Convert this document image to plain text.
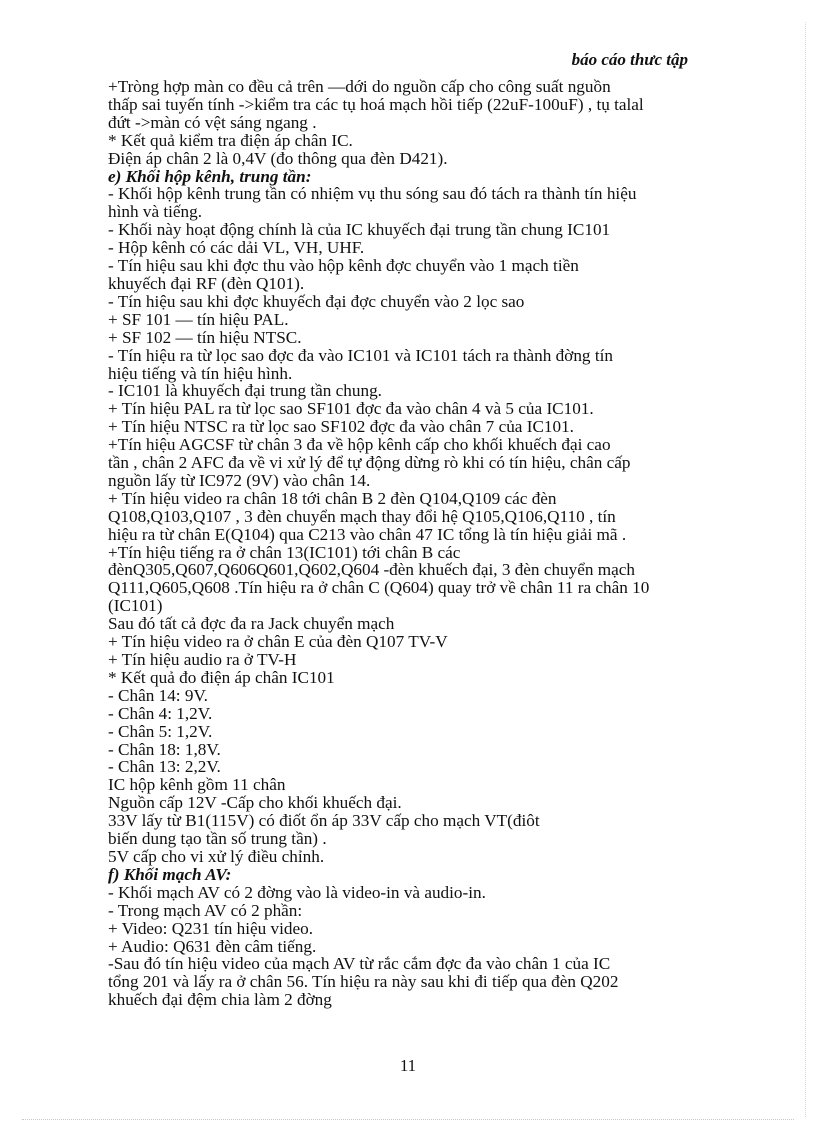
báo cáo thưc tập
+Tròng hợp màn co đều cả trên —dới do nguồn cấp cho công suất nguồn
thấp sai tuyến tính ->kiểm tra các tụ hoá mạch hồi tiếp (22uF-100uF) , tụ talal
đứt ->màn có vệt sáng ngang .
* Kết quả kiểm tra điện áp chân IC.
Điện áp chân 2 là 0,4V (đo thông qua đèn D421).
e) Khối hộp kênh, trung tần:
- Khối hộp kênh trung tần có nhiệm vụ thu sóng sau đó tách ra thành tín hiệu
hình và tiếng.
- Khối này hoạt động chính là của IC khuyếch đại trung tần chung IC101
- Hộp kênh có các dải VL, VH, UHF.
- Tín hiệu sau khi đợc thu vào hộp kênh đợc chuyển vào 1 mạch tiền
khuyếch đại RF (đèn Q101).
- Tín hiệu sau khi đợc khuyếch đại đợc chuyển vào 2 lọc sao
+ SF 101 — tín hiệu PAL.
+ SF 102 — tín hiệu NTSC.
- Tín hiệu ra từ lọc sao đợc đa vào IC101 và IC101 tách ra thành đờng tín
hiệu tiếng và tín hiệu hình.
- IC101 là khuyếch đại trung tần chung.
+ Tín hiệu PAL ra từ lọc sao SF101 đợc đa vào chân 4 và 5 của IC101.
+ Tín hiệu NTSC ra từ lọc sao SF102 đợc đa vào chân 7 của IC101.
+Tín hiệu AGCSF từ chân 3 đa về hộp kênh cấp cho khối khuếch đại cao
tần , chân 2 AFC đa về vi xử lý để tự động dừng rò khi có tín hiệu, chân cấp
nguồn lấy từ IC972 (9V) vào chân 14.
+ Tín hiệu video ra chân 18 tới chân B 2 đèn Q104,Q109 các đèn
Q108,Q103,Q107 , 3 đèn chuyển mạch thay đổi hệ Q105,Q106,Q110 , tín
hiệu ra từ chân E(Q104) qua C213 vào chân 47 IC tổng là tín hiệu giải mã .
+Tín hiệu tiếng ra ở chân 13(IC101) tới chân B các
đènQ305,Q607,Q606Q601,Q602,Q604 -đèn khuếch đại, 3 đèn chuyển mạch
Q111,Q605,Q608 .Tín hiệu ra ở chân C (Q604) quay trở về chân 11 ra chân 10
(IC101)
Sau đó tất cả đợc đa ra Jack chuyển mạch
+ Tín hiệu video ra ở chân E của đèn Q107 TV-V
+ Tín hiệu audio ra ở TV-H
* Kết quả đo điện áp chân IC101
- Chân 14: 9V.
- Chân 4: 1,2V.
- Chân 5: 1,2V.
- Chân 18: 1,8V.
- Chân 13: 2,2V.
IC hộp kênh gồm 11 chân
Nguồn cấp 12V -Cấp cho khối khuếch đại.
33V lấy từ B1(115V) có điốt ổn áp 33V cấp cho mạch VT(điôt
biến dung tạo tần số trung tần) .
5V cấp cho vi xử lý điều chỉnh.
f) Khối mạch AV:
- Khối mạch AV có 2 đờng vào là video-in và audio-in.
- Trong mạch AV có 2 phần:
+ Video: Q231 tín hiệu video.
+ Audio: Q631 đèn câm tiếng.
-Sau đó tín hiệu video của mạch AV từ rắc cắm đợc đa vào chân 1 của IC
tổng 201 và lấy ra ở chân 56. Tín hiệu ra này sau khi đi tiếp qua đèn Q202
khuếch đại đệm chia làm 2 đờng
11
